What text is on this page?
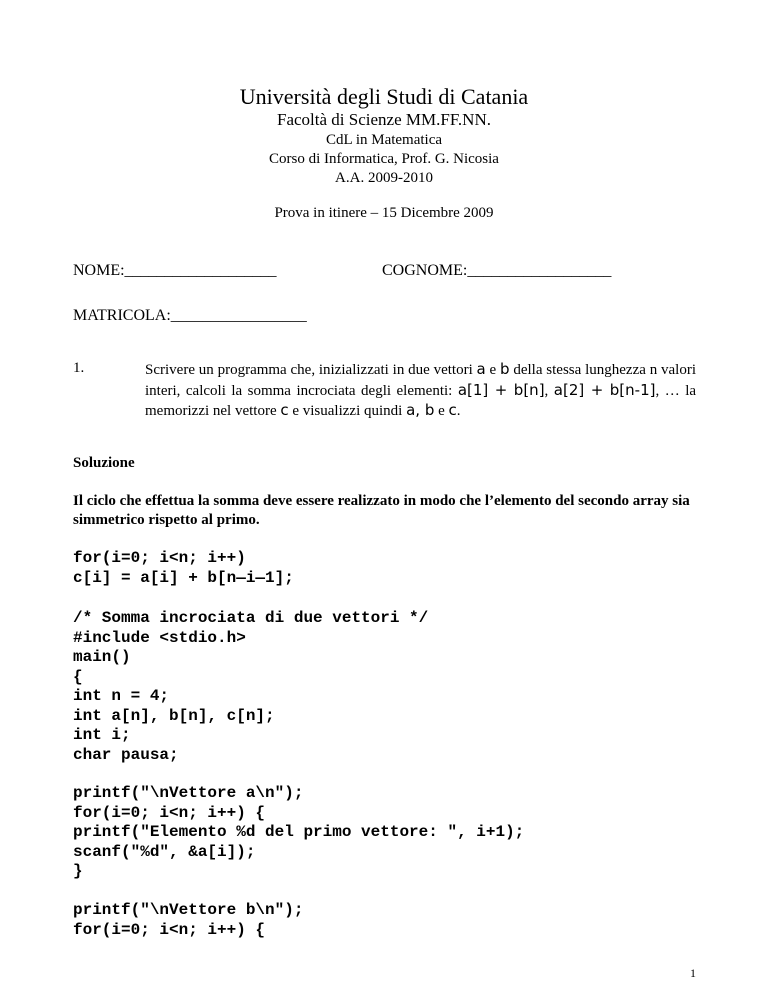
Università degli Studi di Catania
Facoltà di Scienze MM.FF.NN.
CdL in Matematica
Corso di Informatica, Prof. G. Nicosia
A.A. 2009-2010
Prova in itinere – 15 Dicembre 2009
NOME:___________________	COGNOME:__________________
MATRICOLA:_________________
1.	Scrivere un programma che, inizializzati in due vettori a e b della stessa lunghezza n valori interi, calcoli la somma incrociata degli elementi: a[1] + b[n], a[2] + b[n-1], … la memorizzi nel vettore c e visualizzi quindi a, b e c.
Soluzione
Il ciclo che effettua la somma deve essere realizzato in modo che l’elemento del secondo array sia simmetrico rispetto al primo.
for(i=0; i<n; i++)
c[i] = a[i] + b[n—i—1];
/* Somma incrociata di due vettori */
#include <stdio.h>
main()
{
int n = 4;
int a[n], b[n], c[n];
int i;
char pausa;
printf("\nVettore a\n");
for(i=0; i<n; i++) {
printf("Elemento %d del primo vettore: ", i+1);
scanf("%d", &a[i]);
}
printf("\nVettore b\n");
for(i=0; i<n; i++) {
1
